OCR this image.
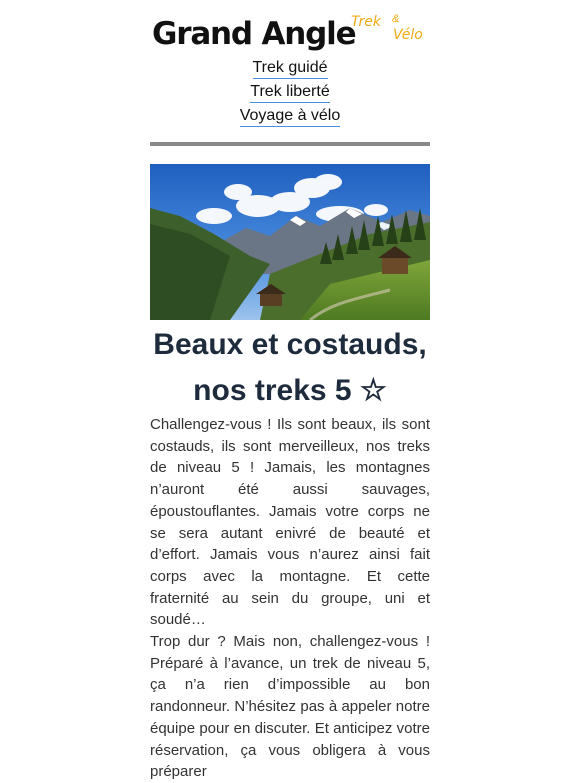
Grand Angle
Trek &
Vélo
Trek guidé
Trek liberté
Voyage à vélo
Beaux et costauds, nos treks 5 ☆

Challengez-vous ! Ils sont beaux, ils sont costauds, ils sont merveilleux, nos treks de niveau 5 ! Jamais, les montagnes n’auront été aussi sauvages, époustouflantes. Jamais votre corps ne se sera autant enivré de beauté et d’effort. Jamais vous n’aurez ainsi fait corps avec la montagne. Et cette fraternité au sein du groupe, uni et soudé…

Trop dur ? Mais non, challengez-vous ! Préparé à l’avance, un trek de niveau 5, ça n’a rien d’impossible au bon randonneur. N’hésitez pas à appeler notre équipe pour en discuter. Et anticipez votre réservation, ça vous obligera à vous préparer
